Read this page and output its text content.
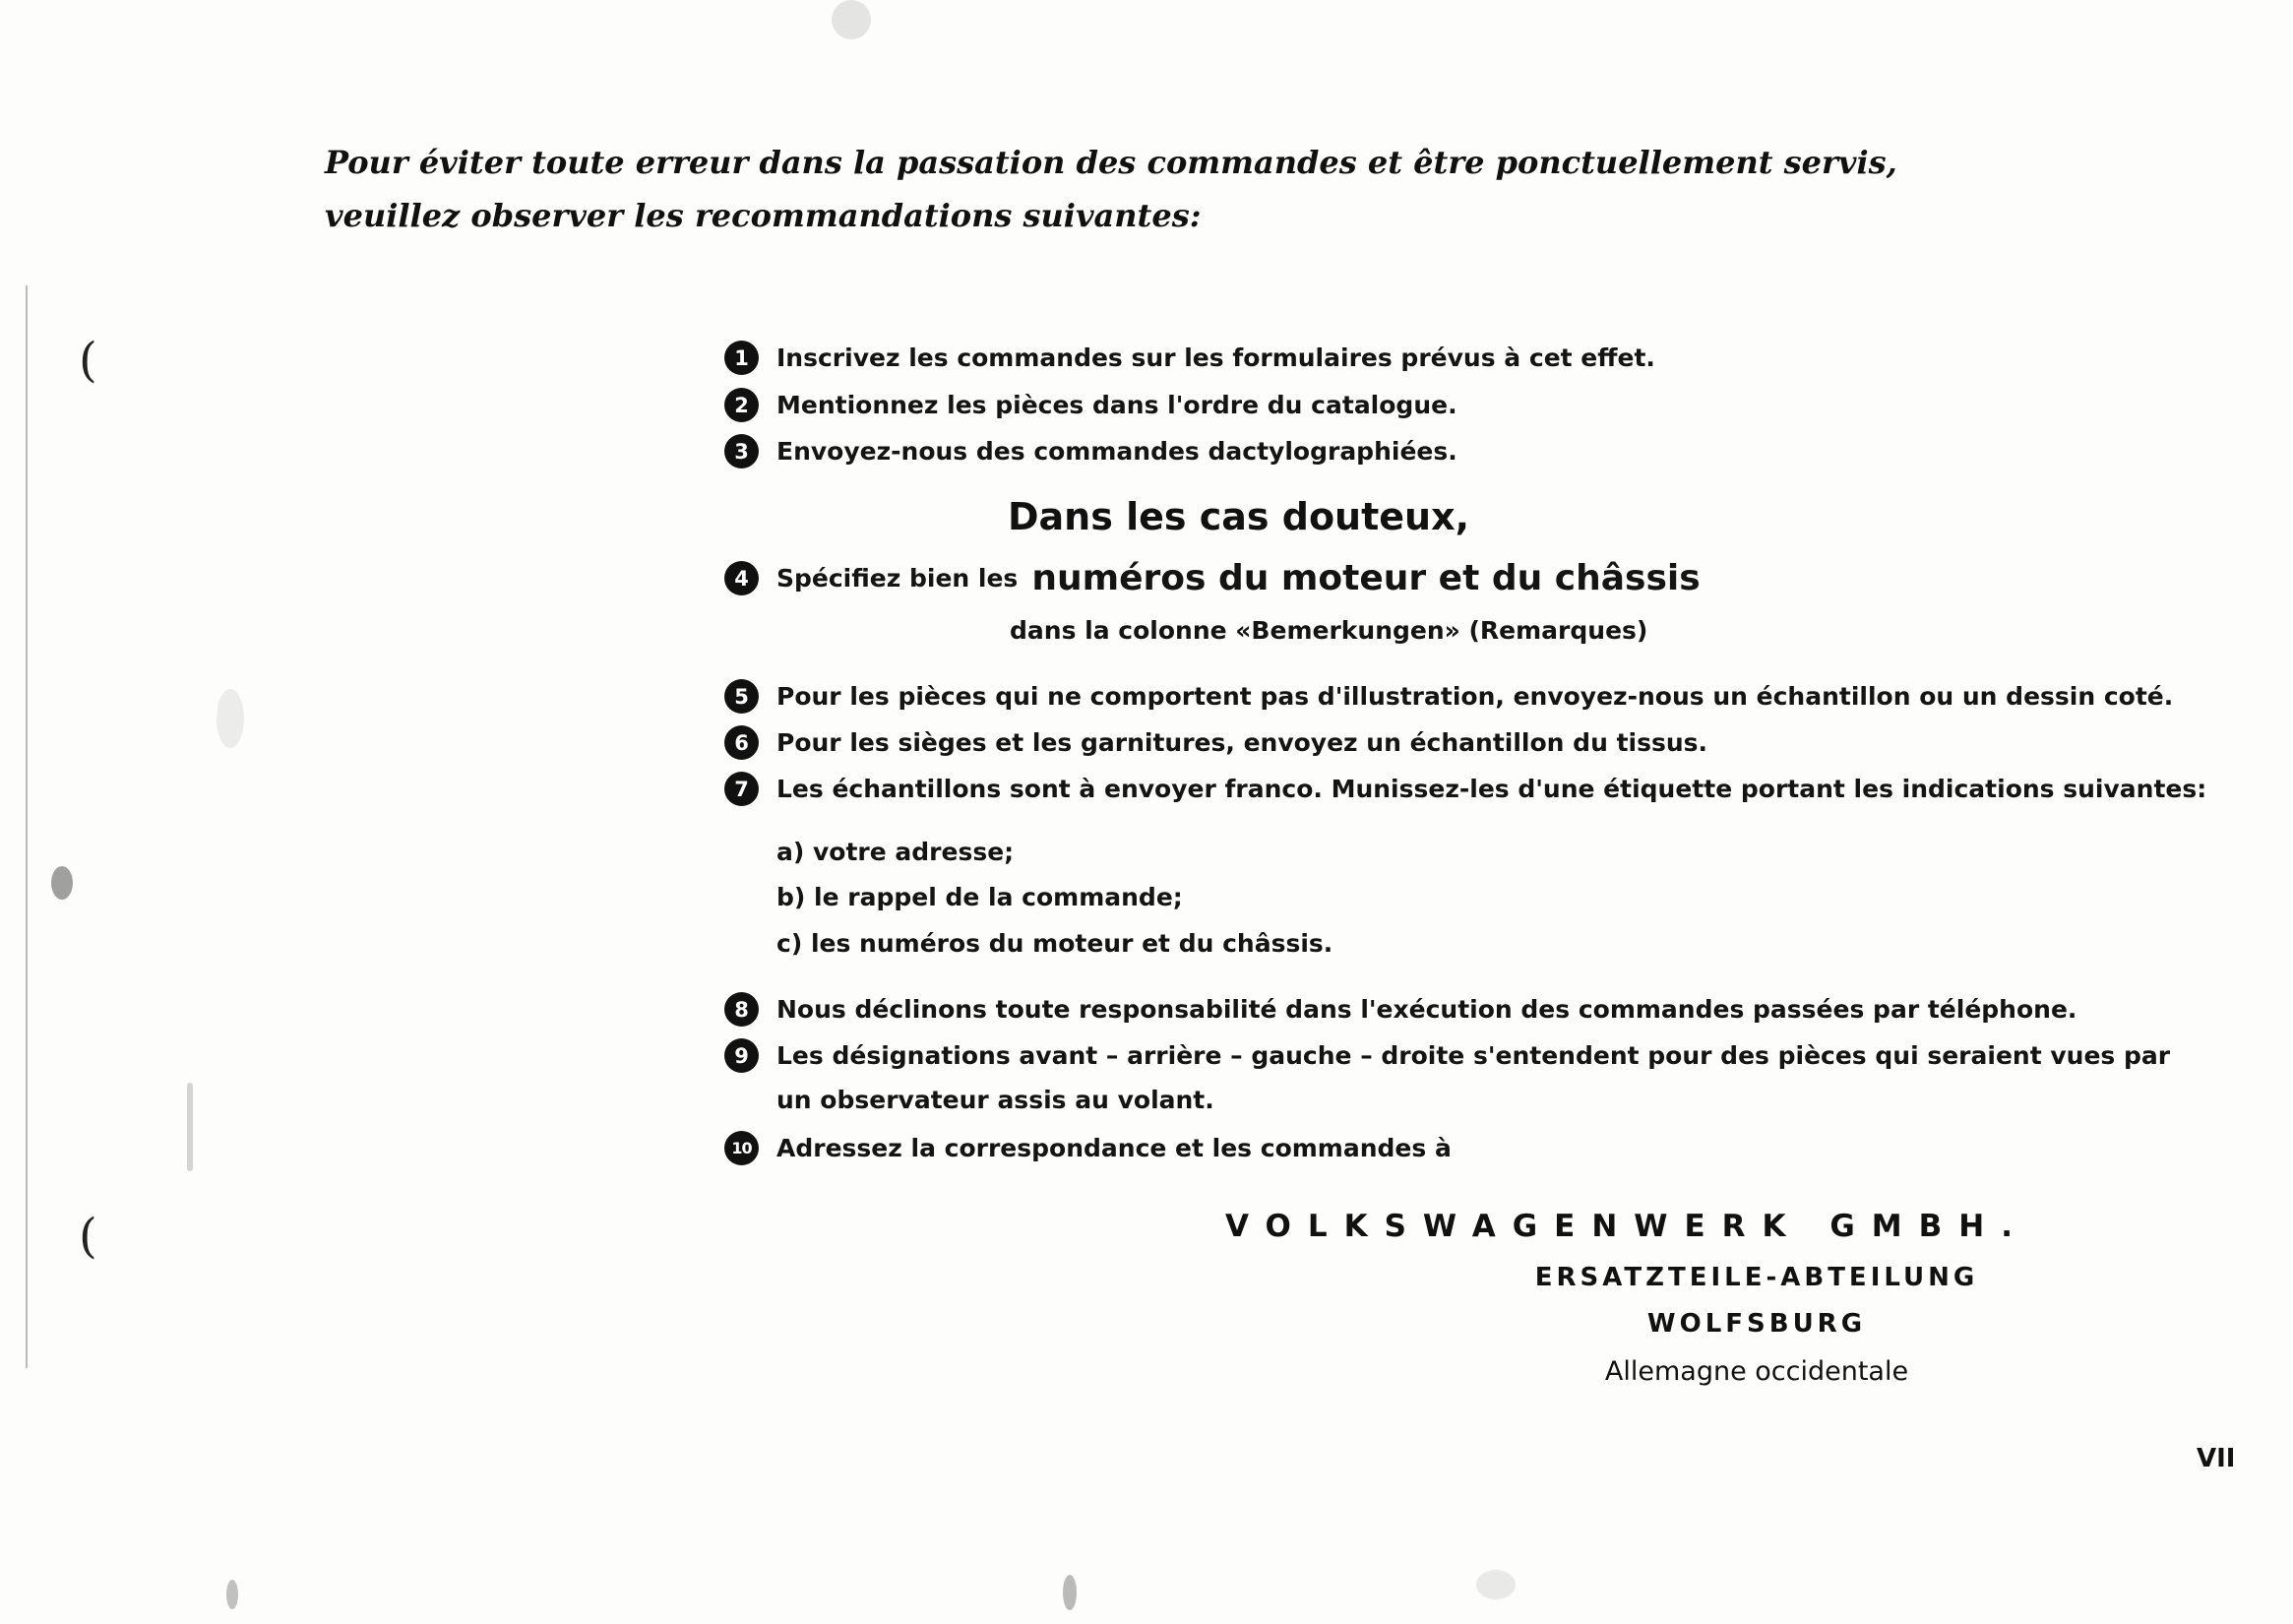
(
(
Pour éviter toute erreur dans la passation des commandes et être ponctuellement servis,
veuillez observer les recommandations suivantes:
1	Inscrivez les commandes sur les formulaires prévus à cet effet.
2	Mentionnez les pièces dans l'ordre du catalogue.
3	Envoyez-nous des commandes dactylographiées.
Dans les cas douteux,
4	Spécifiez bien les numéros du moteur et du châssis
dans la colonne «Bemerkungen» (Remarques)
5	Pour les pièces qui ne comportent pas d'illustration, envoyez-nous un échantillon ou un dessin coté.
6	Pour les sièges et les garnitures, envoyez un échantillon du tissus.
7	Les échantillons sont à envoyer franco. Munissez-les d'une étiquette portant les indications suivantes:
a) votre adresse;
b) le rappel de la commande;
c) les numéros du moteur et du châssis.
8	Nous déclinons toute responsabilité dans l'exécution des commandes passées par téléphone.
9	Les désignations avant – arrière – gauche – droite s'entendent pour des pièces qui seraient vues par
un observateur assis au volant.
10 Adressez la correspondance et les commandes à
VOLKSWAGENWERK GMBH.
ERSATZTEILE-ABTEILUNG
WOLFSBURG
Allemagne occidentale
VII
